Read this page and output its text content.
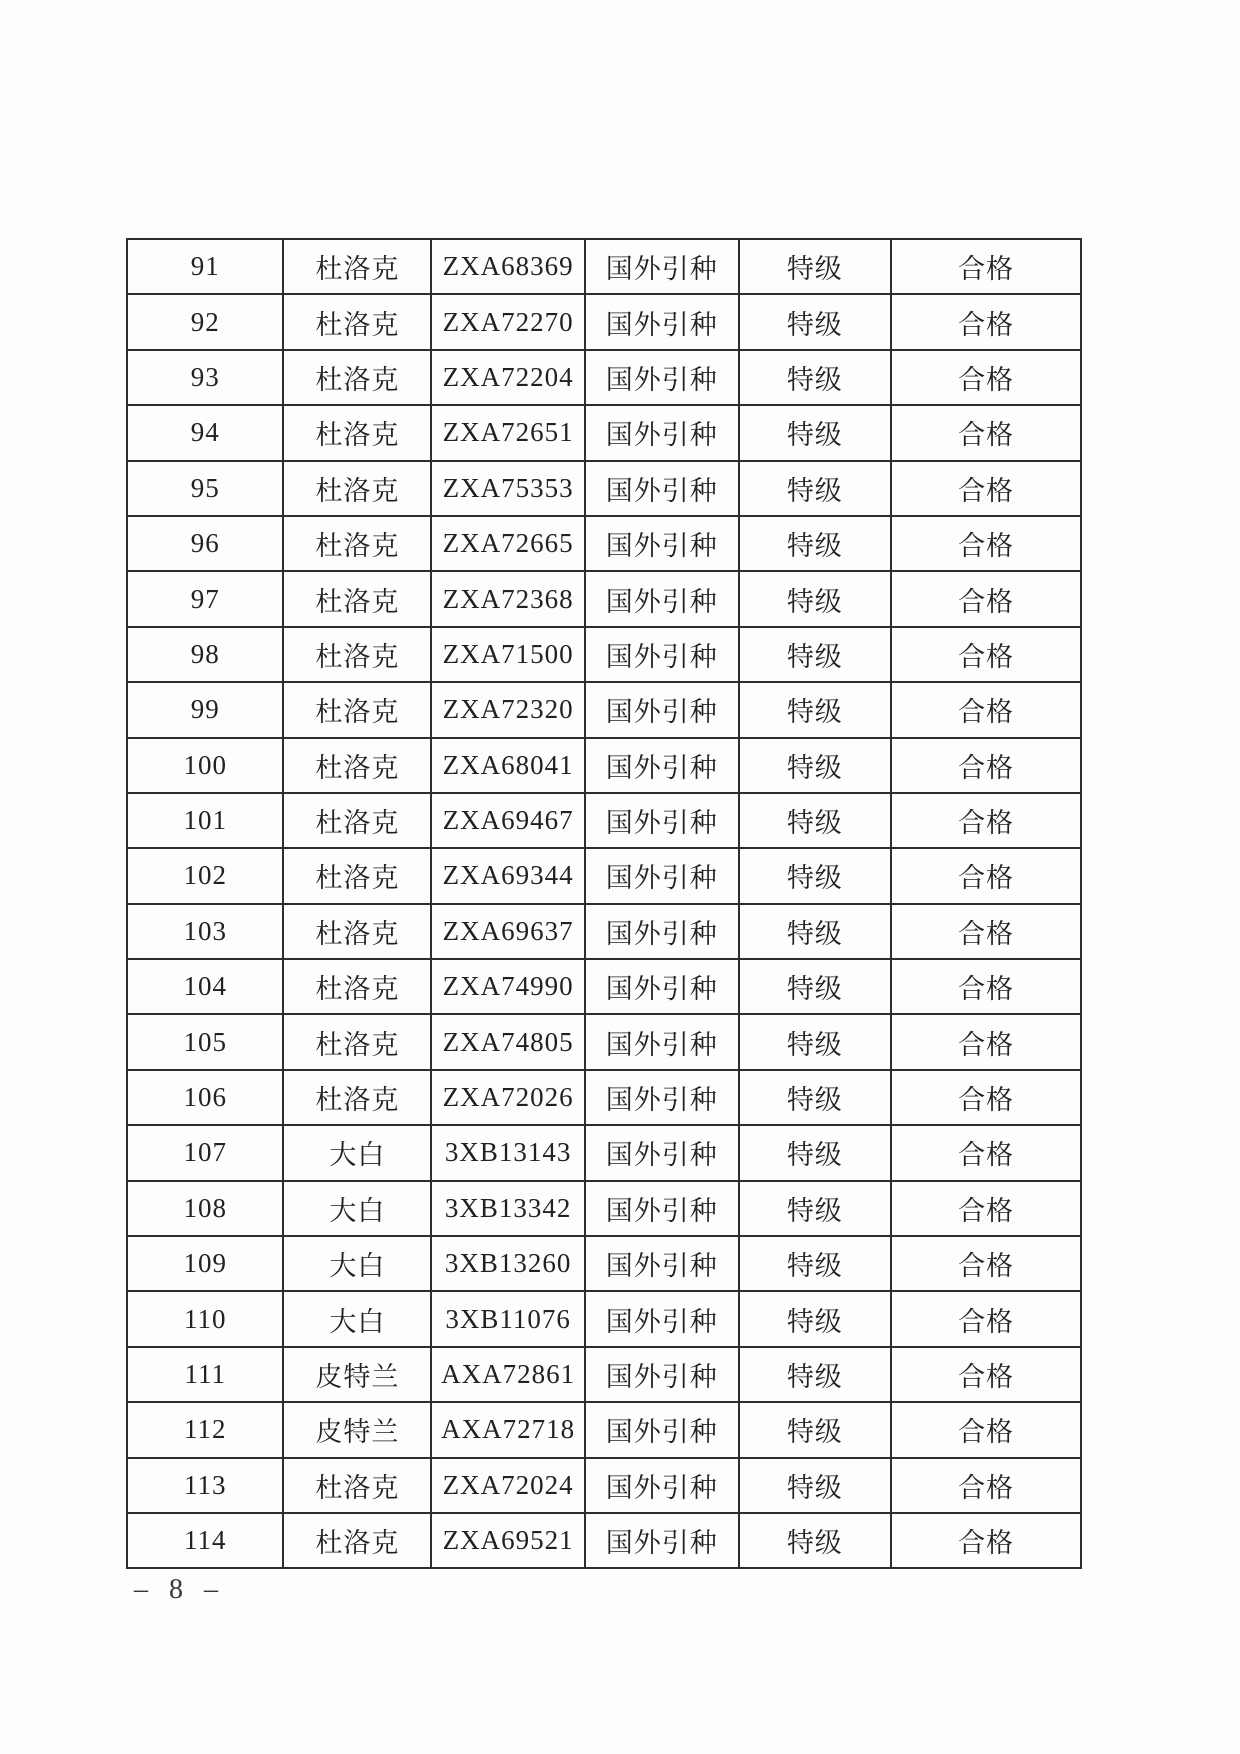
91	杜洛克	ZXA68369	国外引种	特级	合格
92	杜洛克	ZXA72270	国外引种	特级	合格
93	杜洛克	ZXA72204	国外引种	特级	合格
94	杜洛克	ZXA72651	国外引种	特级	合格
95	杜洛克	ZXA75353	国外引种	特级	合格
96	杜洛克	ZXA72665	国外引种	特级	合格
97	杜洛克	ZXA72368	国外引种	特级	合格
98	杜洛克	ZXA71500	国外引种	特级	合格
99	杜洛克	ZXA72320	国外引种	特级	合格
100	杜洛克	ZXA68041	国外引种	特级	合格
101	杜洛克	ZXA69467	国外引种	特级	合格
102	杜洛克	ZXA69344	国外引种	特级	合格
103	杜洛克	ZXA69637	国外引种	特级	合格
104	杜洛克	ZXA74990	国外引种	特级	合格
105	杜洛克	ZXA74805	国外引种	特级	合格
106	杜洛克	ZXA72026	国外引种	特级	合格
107	大白	3XB13143	国外引种	特级	合格
108	大白	3XB13342	国外引种	特级	合格
109	大白	3XB13260	国外引种	特级	合格
110	大白	3XB11076	国外引种	特级	合格
111	皮特兰	AXA72861	国外引种	特级	合格
112	皮特兰	AXA72718	国外引种	特级	合格
113	杜洛克	ZXA72024	国外引种	特级	合格
114	杜洛克	ZXA69521	国外引种	特级	合格
– 8 –
